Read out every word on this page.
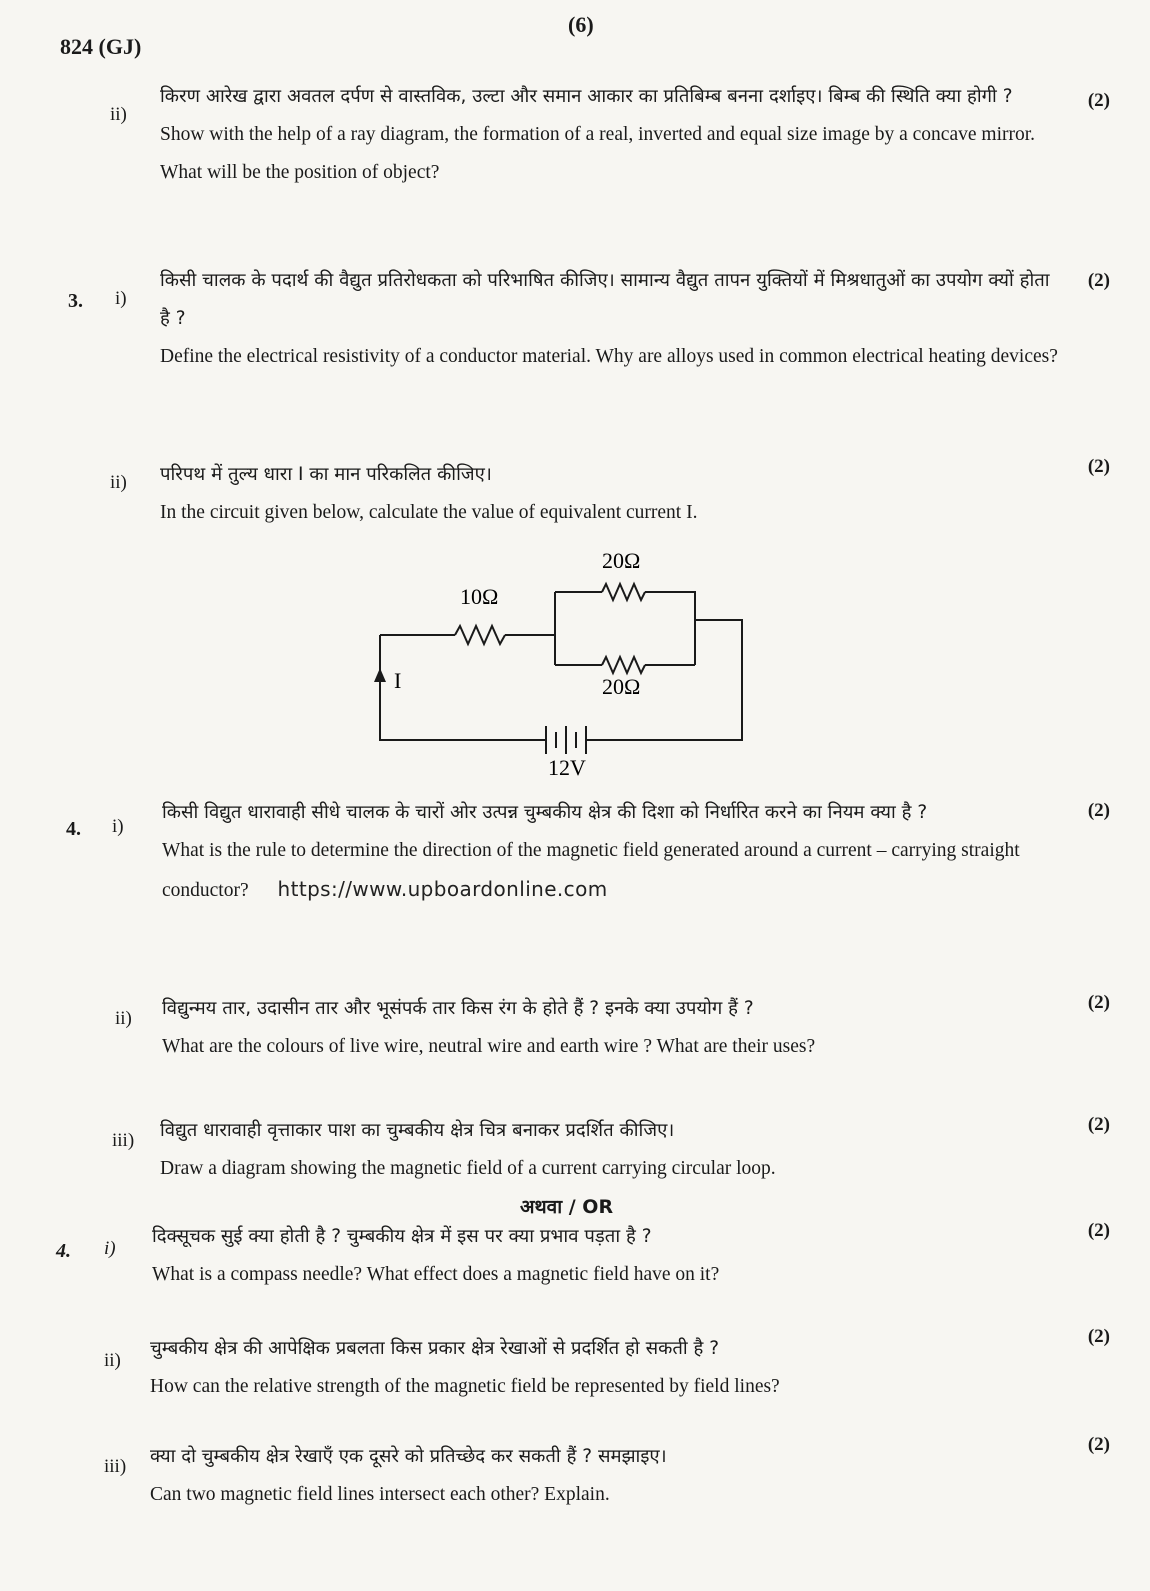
824 (GJ)
(6)
ii)
किरण आरेख द्वारा अवतल दर्पण से वास्तविक, उल्टा और समान आकार का प्रतिबिम्ब बनना दर्शाइए। बिम्ब की स्थिति क्या होगी ?
Show with the help of a ray diagram, the formation of a real, inverted and equal size image by a concave mirror. What will be the position of object?
(2)
3. i)
किसी चालक के पदार्थ की वैद्युत प्रतिरोधकता को परिभाषित कीजिए। सामान्य वैद्युत तापन युक्तियों में मिश्रधातुओं का उपयोग क्यों होता है ?
Define the electrical resistivity of a conductor material. Why are alloys used in common electrical heating devices?
(2)
ii) परिपथ में तुल्य धारा I का मान परिकलित कीजिए।
In the circuit given below, calculate the value of equivalent current I.
(2)
I
10Ω
20Ω
20Ω
12V
4. i)
किसी विद्युत धारावाही सीधे चालक के चारों ओर उत्पन्न चुम्बकीय क्षेत्र की दिशा को निर्धारित करने का नियम क्या है ?
What is the rule to determine the direction of the magnetic field generated around a current – carrying straight conductor? https://www.upboardonline.com
(2)
ii) विद्युन्मय तार, उदासीन तार और भूसंपर्क तार किस रंग के होते हैं ? इनके क्या उपयोग हैं ?
What are the colours of live wire, neutral wire and earth wire ? What are their uses?
(2)
iii) विद्युत धारावाही वृत्ताकार पाश का चुम्बकीय क्षेत्र चित्र बनाकर प्रदर्शित कीजिए।
Draw a diagram showing the magnetic field of a current carrying circular loop.
(2)
अथवा / OR
4. i)
दिक्सूचक सुई क्या होती है ? चुम्बकीय क्षेत्र में इस पर क्या प्रभाव पड़ता है ?
What is a compass needle? What effect does a magnetic field have on it?
(2)
ii)
चुम्बकीय क्षेत्र की आपेक्षिक प्रबलता किस प्रकार क्षेत्र रेखाओं से प्रदर्शित हो सकती है ?
How can the relative strength of the magnetic field be represented by field lines?
(2)
iii) क्या दो चुम्बकीय क्षेत्र रेखाएँ एक दूसरे को प्रतिच्छेद कर सकती हैं ? समझाइए।
Can two magnetic field lines intersect each other? Explain.
(2)
